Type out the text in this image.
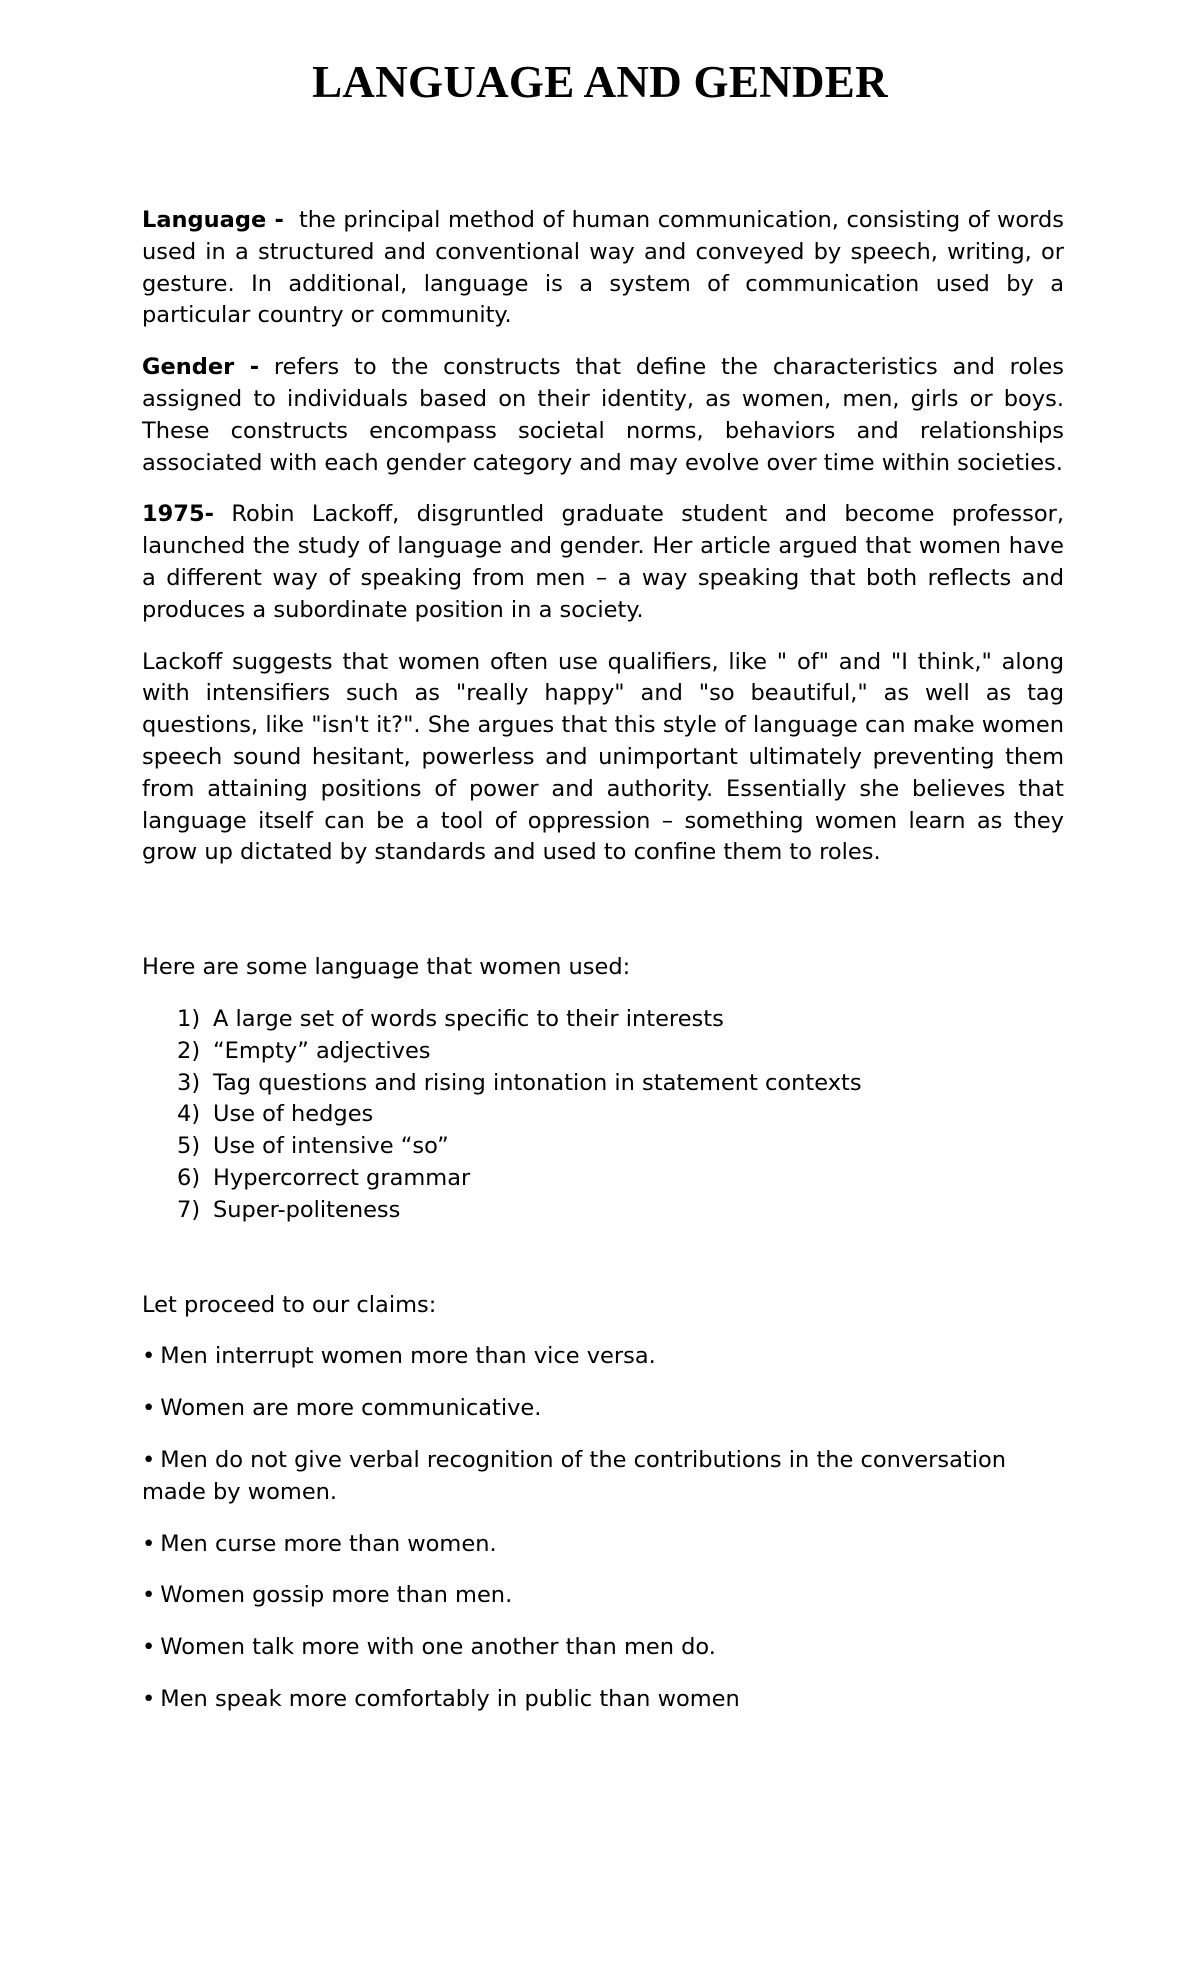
LANGUAGE AND GENDER

Language - the principal method of human communication, consisting of words used in a structured and conventional way and conveyed by speech, writing, or gesture. In additional, language is a system of communication used by a particular country or community.

Gender - refers to the constructs that define the characteristics and roles assigned to individuals based on their identity, as women, men, girls or boys. These constructs encompass societal norms, behaviors and relationships associated with each gender category and may evolve over time within societies.

1975- Robin Lackoff, disgruntled graduate student and become professor, launched the study of language and gender. Her article argued that women have a different way of speaking from men – a way speaking that both reflects and produces a subordinate position in a society.

Lackoff suggests that women often use qualifiers, like " of" and "I think," along with intensifiers such as "really happy" and "so beautiful," as well as tag questions, like "isn't it?". She argues that this style of language can make women speech sound hesitant, powerless and unimportant ultimately preventing them from attaining positions of power and authority. Essentially she believes that language itself can be a tool of oppression – something women learn as they grow up dictated by standards and used to confine them to roles.

Here are some language that women used:

1) A large set of words specific to their interests
2) “Empty” adjectives
3) Tag questions and rising intonation in statement contexts
4) Use of hedges
5) Use of intensive “so”
6) Hypercorrect grammar
7) Super-politeness

Let proceed to our claims:

• Men interrupt women more than vice versa.

• Women are more communicative.

• Men do not give verbal recognition of the contributions in the conversation made by women.

• Men curse more than women.

• Women gossip more than men.

• Women talk more with one another than men do.

• Men speak more comfortably in public than women
